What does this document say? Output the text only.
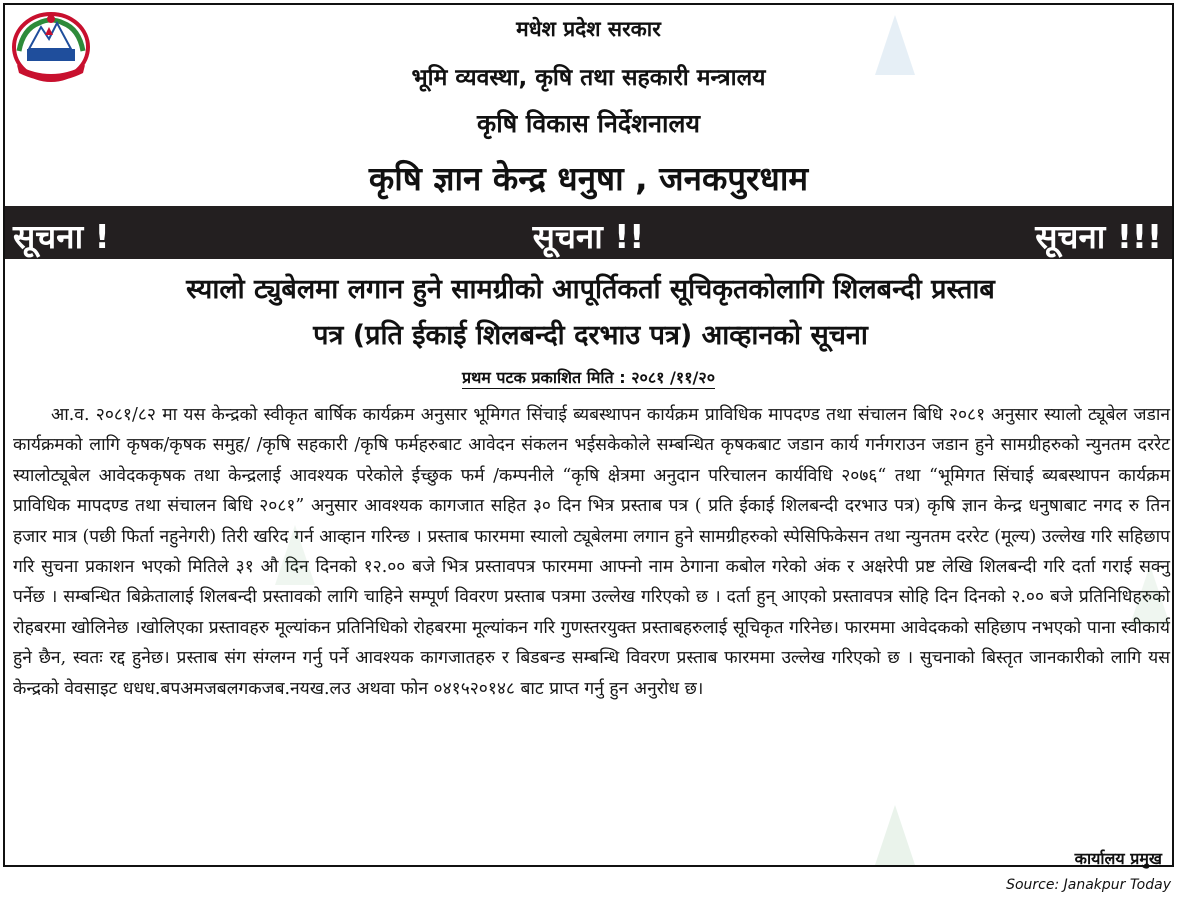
मधेश प्रदेश सरकार
भूमि व्यवस्था, कृषि तथा सहकारी मन्त्रालय
कृषि विकास निर्देशनालय
कृषि ज्ञान केन्द्र धनुषा , जनकपुरधाम
सूचना !	सूचना !!	सूचना !!!
स्यालो ट्युबेलमा लगान हुने सामग्रीको आपूर्तिकर्ता सूचिकृतकोलागि शिलबन्दी प्रस्ताब
पत्र (प्रति ईकाई शिलबन्दी दरभाउ पत्र) आव्हानको सूचना
प्रथम पटक प्रकाशित मिति : २०८१ /११/२०
आ.व. २०८१/८२ मा यस केन्द्रको स्वीकृत बार्षिक कार्यक्रम अनुसार भूमिगत सिंचाई ब्यबस्थापन कार्यक्रम प्राविधिक मापदण्ड तथा संचालन बिधि २०८१ अनुसार स्यालो ट्यूबेल जडान कार्यक्रमको लागि कृषक/कृषक समुह/ /कृषि सहकारी /कृषि फर्महरुबाट आवेदन संकलन भईसकेकोले सम्बन्धित कृषकबाट जडान कार्य गर्नगराउन जडान हुने सामग्रीहरुको न्युनतम दररेट स्यालोट्यूबेल आवेदककृषक तथा केन्द्रलाई आवश्यक परेकोले ईच्छुक फर्म /कम्पनीले “कृषि क्षेत्रमा अनुदान परिचालन कार्यविधि २०७६“ तथा “भूमिगत सिंचाई ब्यबस्थापन कार्यक्रम प्राविधिक मापदण्ड तथा संचालन बिधि २०८१” अनुसार आवश्यक कागजात सहित ३० दिन भित्र प्रस्ताब पत्र ( प्रति ईकाई शिलबन्दी दरभाउ पत्र) कृषि ज्ञान केन्द्र धनुषाबाट नगद रु तिन हजार मात्र (पछी फिर्ता नहुनेगरी) तिरी खरिद गर्न आव्हान गरिन्छ । प्रस्ताब फारममा स्यालो ट्यूबेलमा लगान हुने सामग्रीहरुको स्पेसिफिकेसन तथा न्युनतम दररेट (मूल्य) उल्लेख गरि सहिछाप गरि सुचना प्रकाशन भएको मितिले ३१ औ दिन दिनको १२.०० बजे भित्र प्रस्तावपत्र फारममा आफ्नो नाम ठेगाना कबोल गरेको अंक र अक्षरेपी प्रष्ट लेखि शिलबन्दी गरि दर्ता गराई सक्नु पर्नेछ । सम्बन्धित बिक्रेतालाई शिलबन्दी प्रस्तावको लागि चाहिने सम्पूर्ण विवरण प्रस्ताब पत्रमा उल्लेख गरिएको छ । दर्ता हुन् आएको प्रस्तावपत्र सोहि दिन दिनको २.०० बजे प्रतिनिधिहरुको रोहबरमा खोलिनेछ ।खोलिएका प्रस्तावहरु मूल्यांकन प्रतिनिधिको रोहबरमा मूल्यांकन गरि गुणस्तरयुक्त प्रस्ताबहरुलाई सूचिकृत गरिनेछ। फारममा आवेदकको सहिछाप नभएको पाना स्वीकार्य हुने छैन, स्वतः रद्द हुनेछ। प्रस्ताब संग संग्लग्न गर्नु पर्ने आवश्यक कागजातहरु र बिडबन्ड सम्बन्धि विवरण प्रस्ताब फारममा उल्लेख गरिएको छ । सुचनाको बिस्तृत जानकारीको लागि यस केन्द्रको वेवसाइट धधध.बपअमजबलगकजब.नयख.लउ अथवा फोन ०४१५२०१४८ बाट प्राप्त गर्नु हुन अनुरोध छ।
कार्यालय प्रमुख
Source: Janakpur Today
